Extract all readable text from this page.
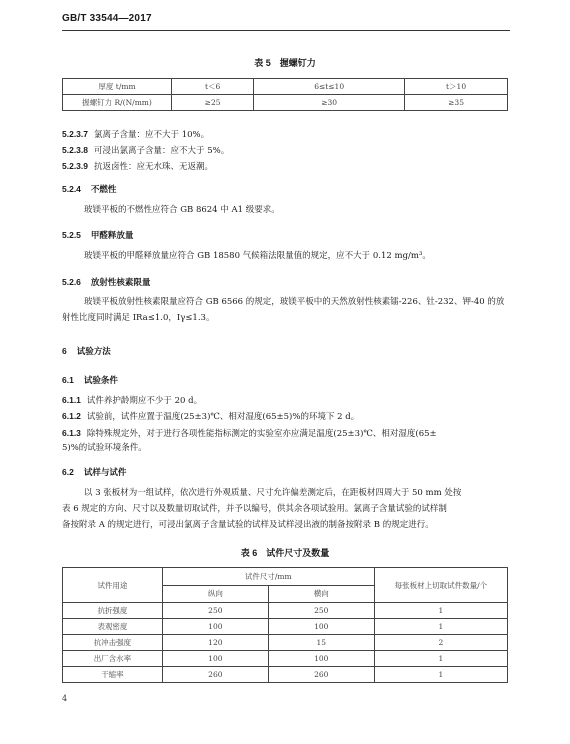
GB/T 33544—2017
表 5　握螺钉力
厚度 t/mm	t＜6	6≤t≤10	t＞10
握螺钉力 R/(N/mm)	≥25	≥30	≥35
5.2.3.7 氯离子含量：应不大于 10%。
5.2.3.8 可浸出氯离子含量：应不大于 5%。
5.2.3.9 抗返卤性：应无水珠、无返潮。
5.2.4 不燃性
玻镁平板的不燃性应符合 GB 8624 中 A1 级要求。
5.2.5 甲醛释放量
玻镁平板的甲醛释放量应符合 GB 18580 气候箱法限量值的规定，应不大于 0.12 mg/m³。
5.2.6 放射性核素限量
玻镁平板放射性核素限量应符合 GB 6566 的规定，玻镁平板中的天然放射性核素镭-226、钍-232、钾-40 的放
射性比度同时满足 IRa≤1.0，Iγ≤1.3。
6 试验方法
6.1 试验条件
6.1.1 试件养护龄期应不少于 20 d。
6.1.2 试验前，试件应置于温度(25±3)℃、相对湿度(65±5)%的环境下 2 d。
6.1.3 除特殊规定外，对于进行各项性能指标测定的实验室亦应满足温度(25±3)℃、相对湿度(65±
5)%的试验环境条件。
6.2 试样与试件
以 3 张板材为一组试样，依次进行外观质量、尺寸允许偏差测定后，在距板材四周大于 50 mm 处按
表 6 规定的方向、尺寸以及数量切取试件，并予以编号，供其余各项试验用。氯离子含量试验的试样制
备按附录 A 的规定进行，可浸出氯离子含量试验的试样及试样浸出液的制备按附录 B 的规定进行。
表 6　试件尺寸及数量
试件用途	试件尺寸/mm		每张板材上切取试件数量/个
	纵向	横向	
抗折强度	250	250	1
表观密度	100	100	1
抗冲击强度	120	15	2
出厂含水率	100	100	1
干缩率	260	260	1
4
